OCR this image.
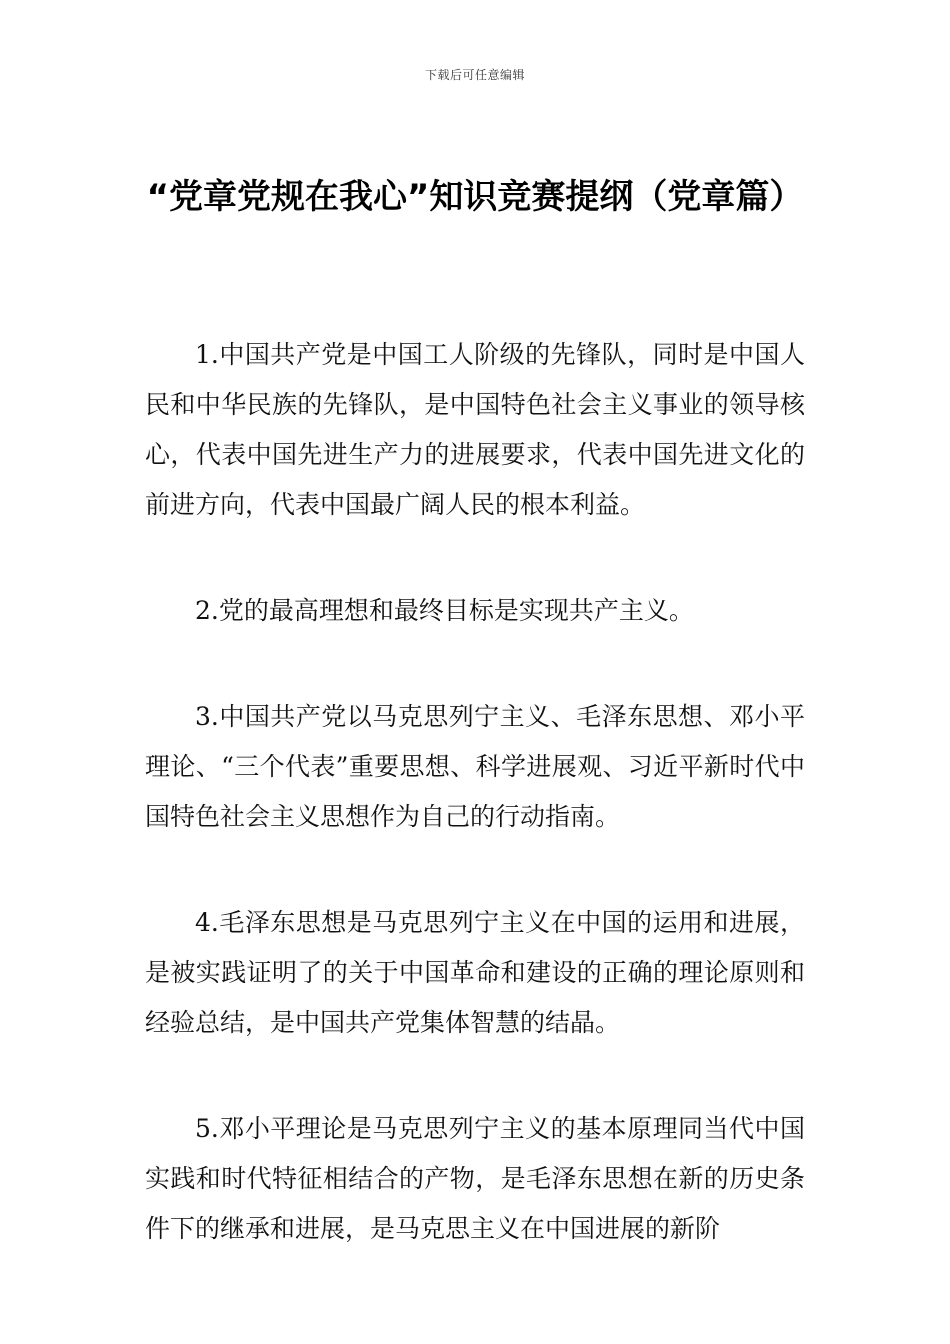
下载后可任意编辑
“党章党规在我心”知识竞赛提纲（党章篇）

1.中国共产党是中国工人阶级的先锋队，同时是中国人民和中华民族的先锋队，是中国特色社会主义事业的领导核心，代表中国先进生产力的进展要求，代表中国先进文化的前进方向，代表中国最广阔人民的根本利益。

2.党的最高理想和最终目标是实现共产主义。

3.中国共产党以马克思列宁主义、毛泽东思想、邓小平理论、“三个代表”重要思想、科学进展观、习近平新时代中国特色社会主义思想作为自己的行动指南。

4.毛泽东思想是马克思列宁主义在中国的运用和进展，是被实践证明了的关于中国革命和建设的正确的理论原则和经验总结，是中国共产党集体智慧的结晶。

5.邓小平理论是马克思列宁主义的基本原理同当代中国实践和时代特征相结合的产物，是毛泽东思想在新的历史条件下的继承和进展，是马克思主义在中国进展的新阶
